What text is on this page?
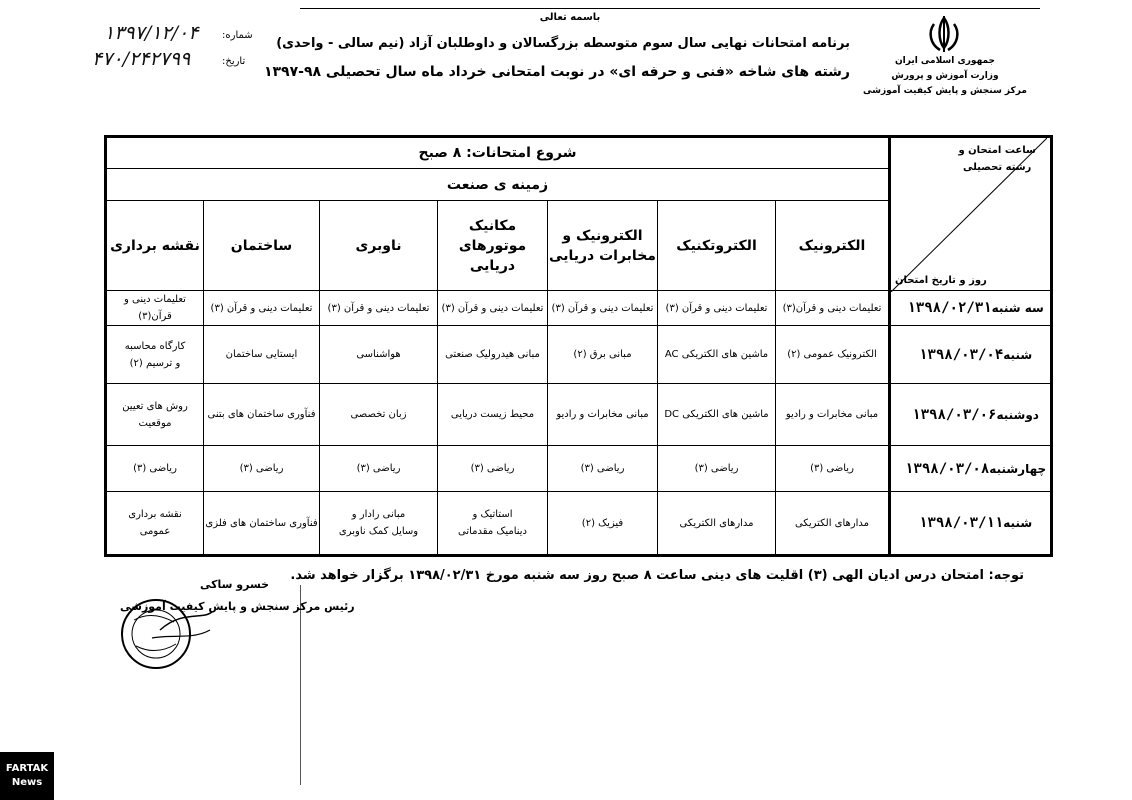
باسمه تعالی
برنامه امتحانات نهایی سال سوم متوسطه بزرگسالان و داوطلبان آزاد (نیم سالی - واحدی)
رشته های شاخه «فنی و حرفه ای» در نوبت امتحانی خرداد ماه سال تحصیلی ۹۸-۱۳۹۷
جمهوری اسلامی ایران
وزارت آموزش و پرورش
مرکز سنجش و پایش کیفیت آموزشی
شماره:
۱۳۹۷/۱۲/۰۴
تاریخ:
۴۷۰/۲۴۲۷۹۹
ساعت امتحان و رشته تحصیلی
روز و تاریخ امتحان	شروع امتحانات: ۸ صبح						
	زمینه ی صنعت						
	الکترونیک	الکتروتکنیک	الکترونیک و
مخابرات دریایی	مکانیک
موتورهای
دریایی	ناوبری	ساختمان	نقشه برداری
سه شنبه۱۳۹۸/۰۲/۳۱	تعلیمات دینی و قرآن(۳)	تعلیمات دینی و قرآن (۳)	تعلیمات دینی و قرآن (۳)	تعلیمات دینی و قرآن (۳)	تعلیمات دینی و قرآن (۳)	تعلیمات دینی و قرآن (۳)	تعلیمات دینی و قرآن(۳)
شنبه۱۳۹۸/۰۳/۰۴	الکترونیک عمومی (۲)	ماشین های الکتریکی AC	مبانی برق (۲)	مبانی هیدرولیک صنعتی	هواشناسی	ایستایی ساختمان	کارگاه محاسبه
و ترسیم (۲)
دوشنبه۱۳۹۸/۰۳/۰۶	مبانی مخابرات و رادیو	ماشین های الکتریکی DC	مبانی مخابرات و رادیو	محیط زیست دریایی	زبان تخصصی	فنآوری ساختمان های بتنی	روش های تعیین
موقعیت
چهارشنبه۱۳۹۸/۰۳/۰۸	ریاضی (۳)	ریاضی (۳)	ریاضی (۳)	ریاضی (۳)	ریاضی (۳)	ریاضی (۳)	ریاضی (۳)
شنبه۱۳۹۸/۰۳/۱۱	مدارهای الکتریکی	مدارهای الکتریکی	فیزیک (۲)	استاتیک و
دینامیک مقدماتی	مبانی رادار و
وسایل کمک ناوبری	فنآوری ساختمان های فلزی	نقشه برداری
عمومی
توجه: امتحان درس ادیان الهی (۳) اقلیت های دینی ساعت ۸ صبح روز سه شنبه مورخ ۱۳۹۸/۰۲/۳۱ برگزار خواهد شد.
خسرو ساکی
رئیس مرکز سنجش و پایش کیفیت آموزشی
FARTAK
News
